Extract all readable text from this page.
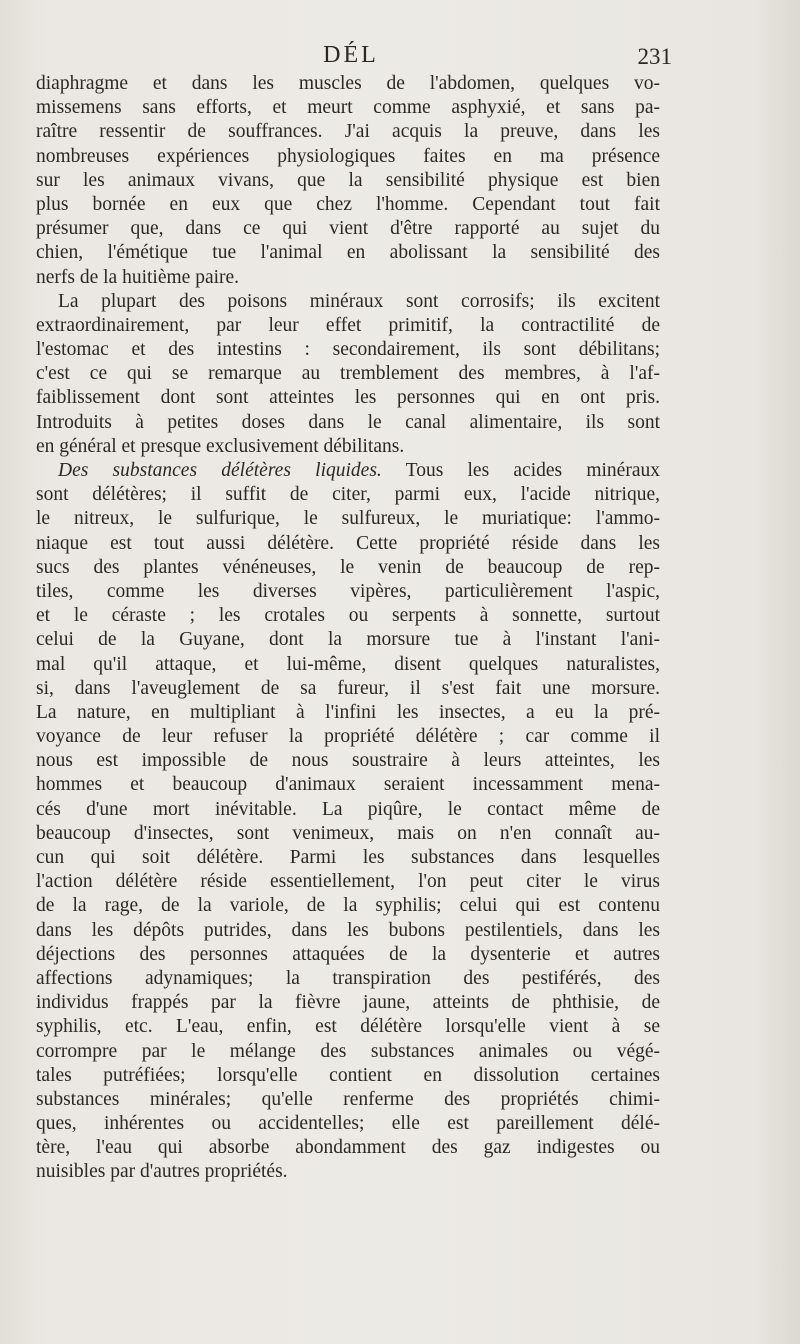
DÉL	231
diaphragme et dans les muscles de l'abdomen, quelques vo-
missemens sans efforts, et meurt comme asphyxié, et sans pa-
raître ressentir de souffrances. J'ai acquis la preuve, dans les
nombreuses expériences physiologiques faites en ma présence
sur les animaux vivans, que la sensibilité physique est bien
plus bornée en eux que chez l'homme. Cependant tout fait
présumer que, dans ce qui vient d'être rapporté au sujet du
chien, l'émétique tue l'animal en abolissant la sensibilité des
nerfs de la huitième paire.
La plupart des poisons minéraux sont corrosifs; ils excitent
extraordinairement, par leur effet primitif, la contractilité de
l'estomac et des intestins : secondairement, ils sont débilitans;
c'est ce qui se remarque au tremblement des membres, à l'af-
faiblissement dont sont atteintes les personnes qui en ont pris.
Introduits à petites doses dans le canal alimentaire, ils sont
en général et presque exclusivement débilitans.
Des substances délétères liquides. Tous les acides minéraux
sont délétères; il suffit de citer, parmi eux, l'acide nitrique,
le nitreux, le sulfurique, le sulfureux, le muriatique: l'ammo-
niaque est tout aussi délétère. Cette propriété réside dans les
sucs des plantes vénéneuses, le venin de beaucoup de rep-
tiles, comme les diverses vipères, particulièrement l'aspic,
et le céraste ; les crotales ou serpents à sonnette, surtout
celui de la Guyane, dont la morsure tue à l'instant l'ani-
mal qu'il attaque, et lui-même, disent quelques naturalistes,
si, dans l'aveuglement de sa fureur, il s'est fait une morsure.
La nature, en multipliant à l'infini les insectes, a eu la pré-
voyance de leur refuser la propriété délétère ; car comme il
nous est impossible de nous soustraire à leurs atteintes, les
hommes et beaucoup d'animaux seraient incessamment mena-
cés d'une mort inévitable. La piqûre, le contact même de
beaucoup d'insectes, sont venimeux, mais on n'en connaît au-
cun qui soit délétère. Parmi les substances dans lesquelles
l'action délétère réside essentiellement, l'on peut citer le virus
de la rage, de la variole, de la syphilis; celui qui est contenu
dans les dépôts putrides, dans les bubons pestilentiels, dans les
déjections des personnes attaquées de la dysenterie et autres
affections adynamiques; la transpiration des pestiférés, des
individus frappés par la fièvre jaune, atteints de phthisie, de
syphilis, etc. L'eau, enfin, est délétère lorsqu'elle vient à se
corrompre par le mélange des substances animales ou végé-
tales putréfiées; lorsqu'elle contient en dissolution certaines
substances minérales; qu'elle renferme des propriétés chimi-
ques, inhérentes ou accidentelles; elle est pareillement délé-
tère, l'eau qui absorbe abondamment des gaz indigestes ou
nuisibles par d'autres propriétés.
